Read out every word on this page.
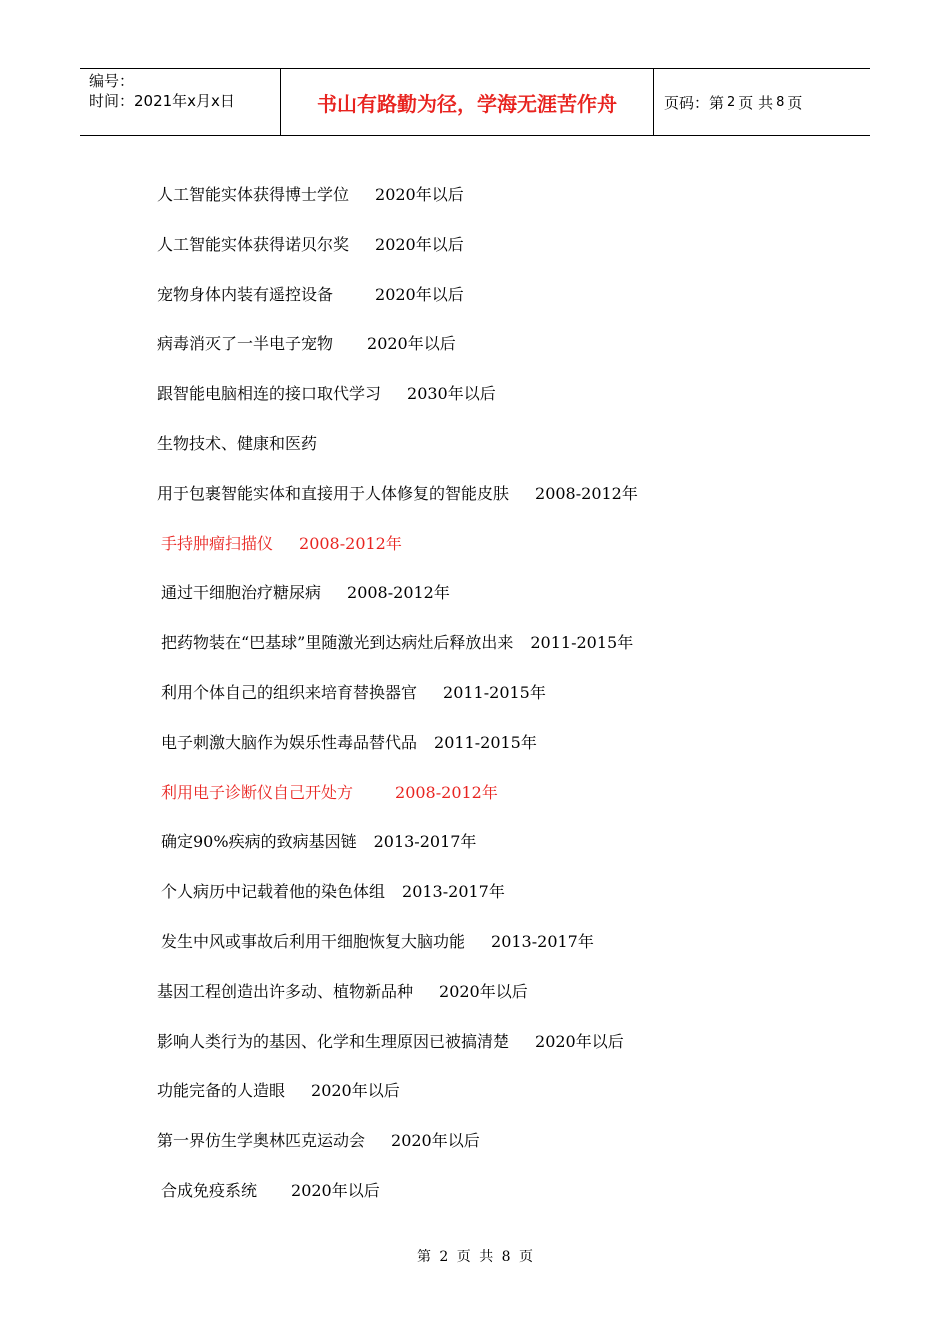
编号：
时间：2021年x月x日	书山有路勤为径，学海无涯苦作舟	页码：第 2 页 共 8 页
人工智能实体获得博士学位 2020年以后
人工智能实体获得诺贝尔奖 2020年以后
宠物身体内装有遥控设备	2020年以后
病毒消灭了一半电子宠物 2020年以后
跟智能电脑相连的接口取代学习 2030年以后
生物技术、健康和医药
用于包裹智能实体和直接用于人体修复的智能皮肤 2008-2012年
手持肿瘤扫描仪 2008-2012年
通过干细胞治疗糖尿病 2008-2012年
把药物装在“巴基球”里随激光到达病灶后释放出来 2011-2015年
利用个体自己的组织来培育替换器官 2011-2015年
电子刺激大脑作为娱乐性毒品替代品 2011-2015年
利用电子诊断仪自己开处方	2008-2012年
确定90%疾病的致病基因链 2013-2017年
个人病历中记载着他的染色体组 2013-2017年
发生中风或事故后利用干细胞恢复大脑功能 2013-2017年
基因工程创造出许多动、植物新品种 2020年以后
影响人类行为的基因、化学和生理原因已被搞清楚 2020年以后
功能完备的人造眼 2020年以后
第一界仿生学奥林匹克运动会 2020年以后
合成免疫系统 2020年以后
第 2 页 共 8 页
